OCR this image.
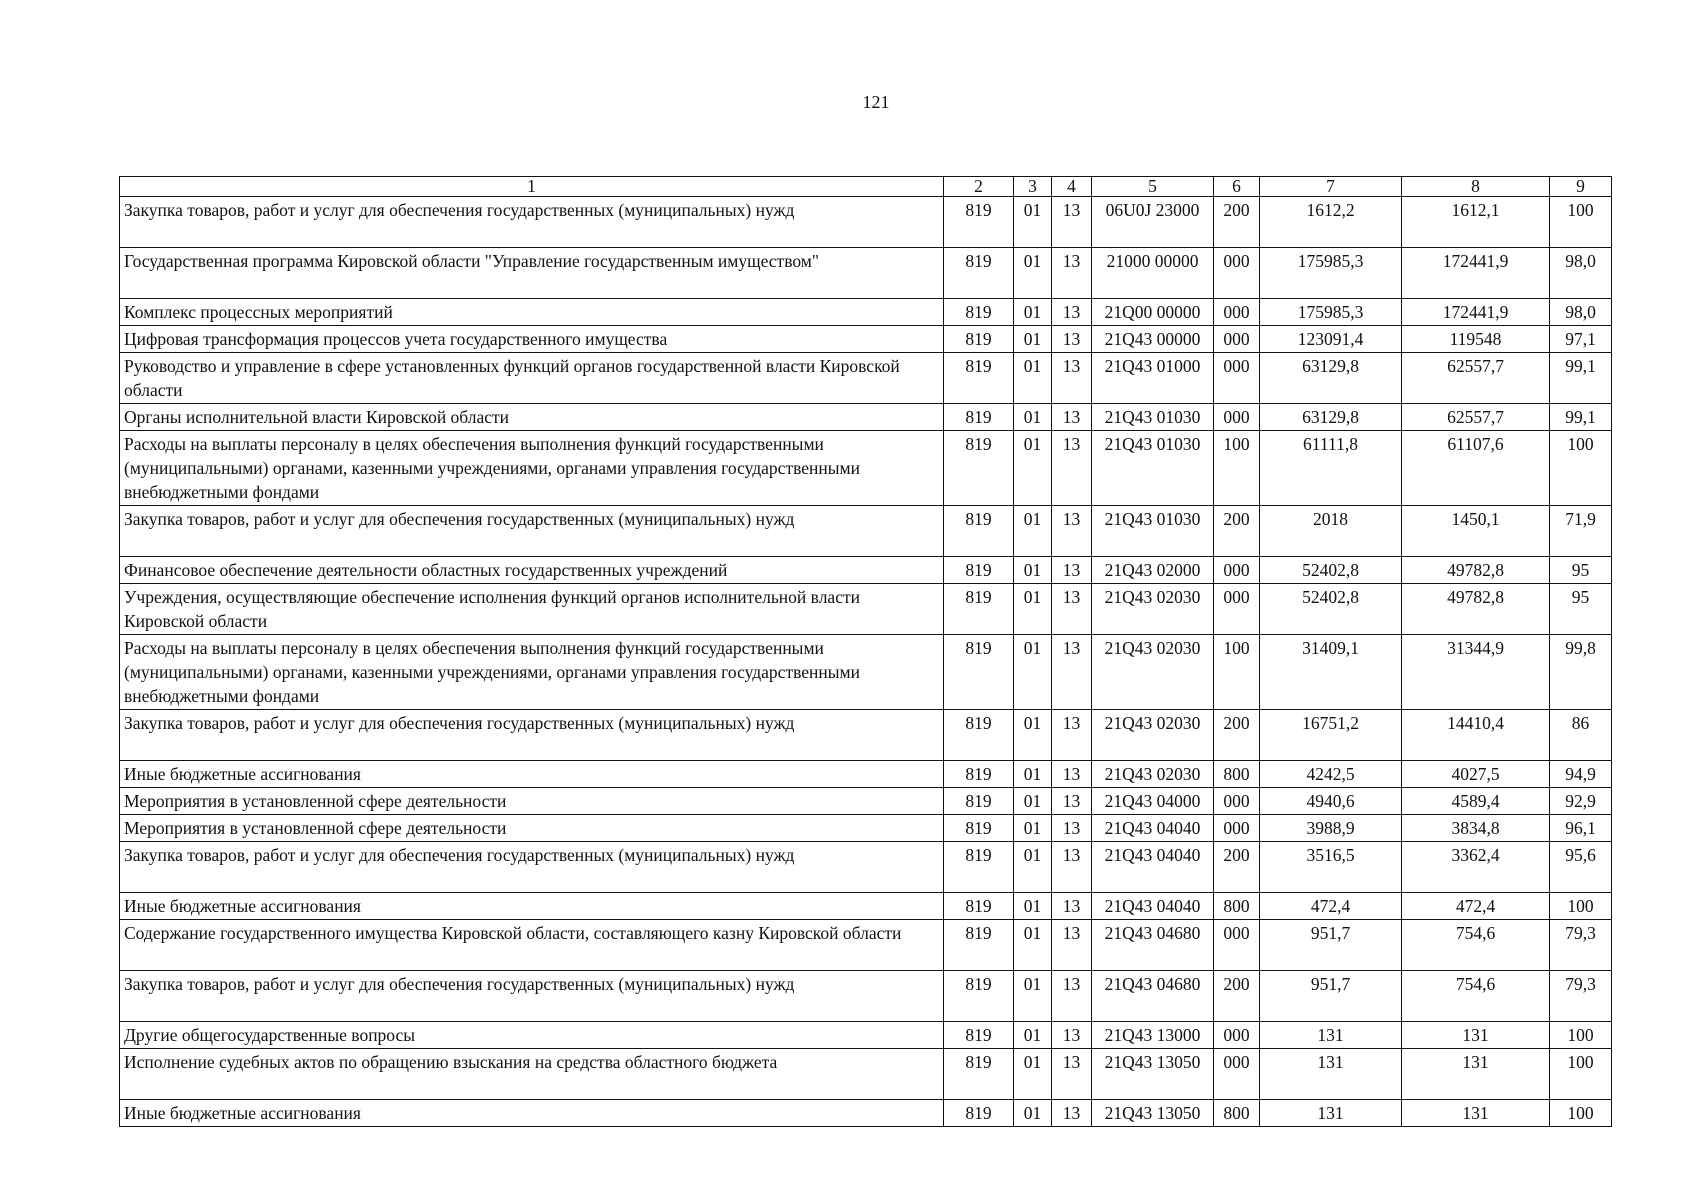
121
1	2	3	4	5	6	7	8	9
Закупка товаров, работ и услуг для обеспечения государственных (муниципальных) нужд	819	01	13	06U0J 23000	200	1612,2	1612,1	100
Государственная программа Кировской области "Управление государственным имуществом"	819	01	13	21000 00000	000	175985,3	172441,9	98,0
Комплекс процессных мероприятий	819	01	13	21Q00 00000	000	175985,3	172441,9	98,0
Цифровая трансформация процессов учета государственного имущества	819	01	13	21Q43 00000	000	123091,4	119548	97,1
Руководство и управление в сфере установленных функций органов государственной власти Кировской области	819	01	13	21Q43 01000	000	63129,8	62557,7	99,1
Органы исполнительной власти Кировской области	819	01	13	21Q43 01030	000	63129,8	62557,7	99,1
Расходы на выплаты персоналу в целях обеспечения выполнения функций государственными (муниципальными) органами, казенными учреждениями, органами управления государственными внебюджетными фондами	819	01	13	21Q43 01030	100	61111,8	61107,6	100
Закупка товаров, работ и услуг для обеспечения государственных (муниципальных) нужд	819	01	13	21Q43 01030	200	2018	1450,1	71,9
Финансовое обеспечение деятельности областных государственных учреждений	819	01	13	21Q43 02000	000	52402,8	49782,8	95
Учреждения, осуществляющие обеспечение исполнения функций органов исполнительной власти Кировской области	819	01	13	21Q43 02030	000	52402,8	49782,8	95
Расходы на выплаты персоналу в целях обеспечения выполнения функций государственными (муниципальными) органами, казенными учреждениями, органами управления государственными внебюджетными фондами	819	01	13	21Q43 02030	100	31409,1	31344,9	99,8
Закупка товаров, работ и услуг для обеспечения государственных (муниципальных) нужд	819	01	13	21Q43 02030	200	16751,2	14410,4	86
Иные бюджетные ассигнования	819	01	13	21Q43 02030	800	4242,5	4027,5	94,9
Мероприятия в установленной сфере деятельности	819	01	13	21Q43 04000	000	4940,6	4589,4	92,9
Мероприятия в установленной сфере деятельности	819	01	13	21Q43 04040	000	3988,9	3834,8	96,1
Закупка товаров, работ и услуг для обеспечения государственных (муниципальных) нужд	819	01	13	21Q43 04040	200	3516,5	3362,4	95,6
Иные бюджетные ассигнования	819	01	13	21Q43 04040	800	472,4	472,4	100
Содержание государственного имущества Кировской области, составляющего казну Кировской области	819	01	13	21Q43 04680	000	951,7	754,6	79,3
Закупка товаров, работ и услуг для обеспечения государственных (муниципальных) нужд	819	01	13	21Q43 04680	200	951,7	754,6	79,3
Другие общегосударственные вопросы	819	01	13	21Q43 13000	000	131	131	100
Исполнение судебных актов по обращению взыскания на средства областного бюджета	819	01	13	21Q43 13050	000	131	131	100
Иные бюджетные ассигнования	819	01	13	21Q43 13050	800	131	131	100
